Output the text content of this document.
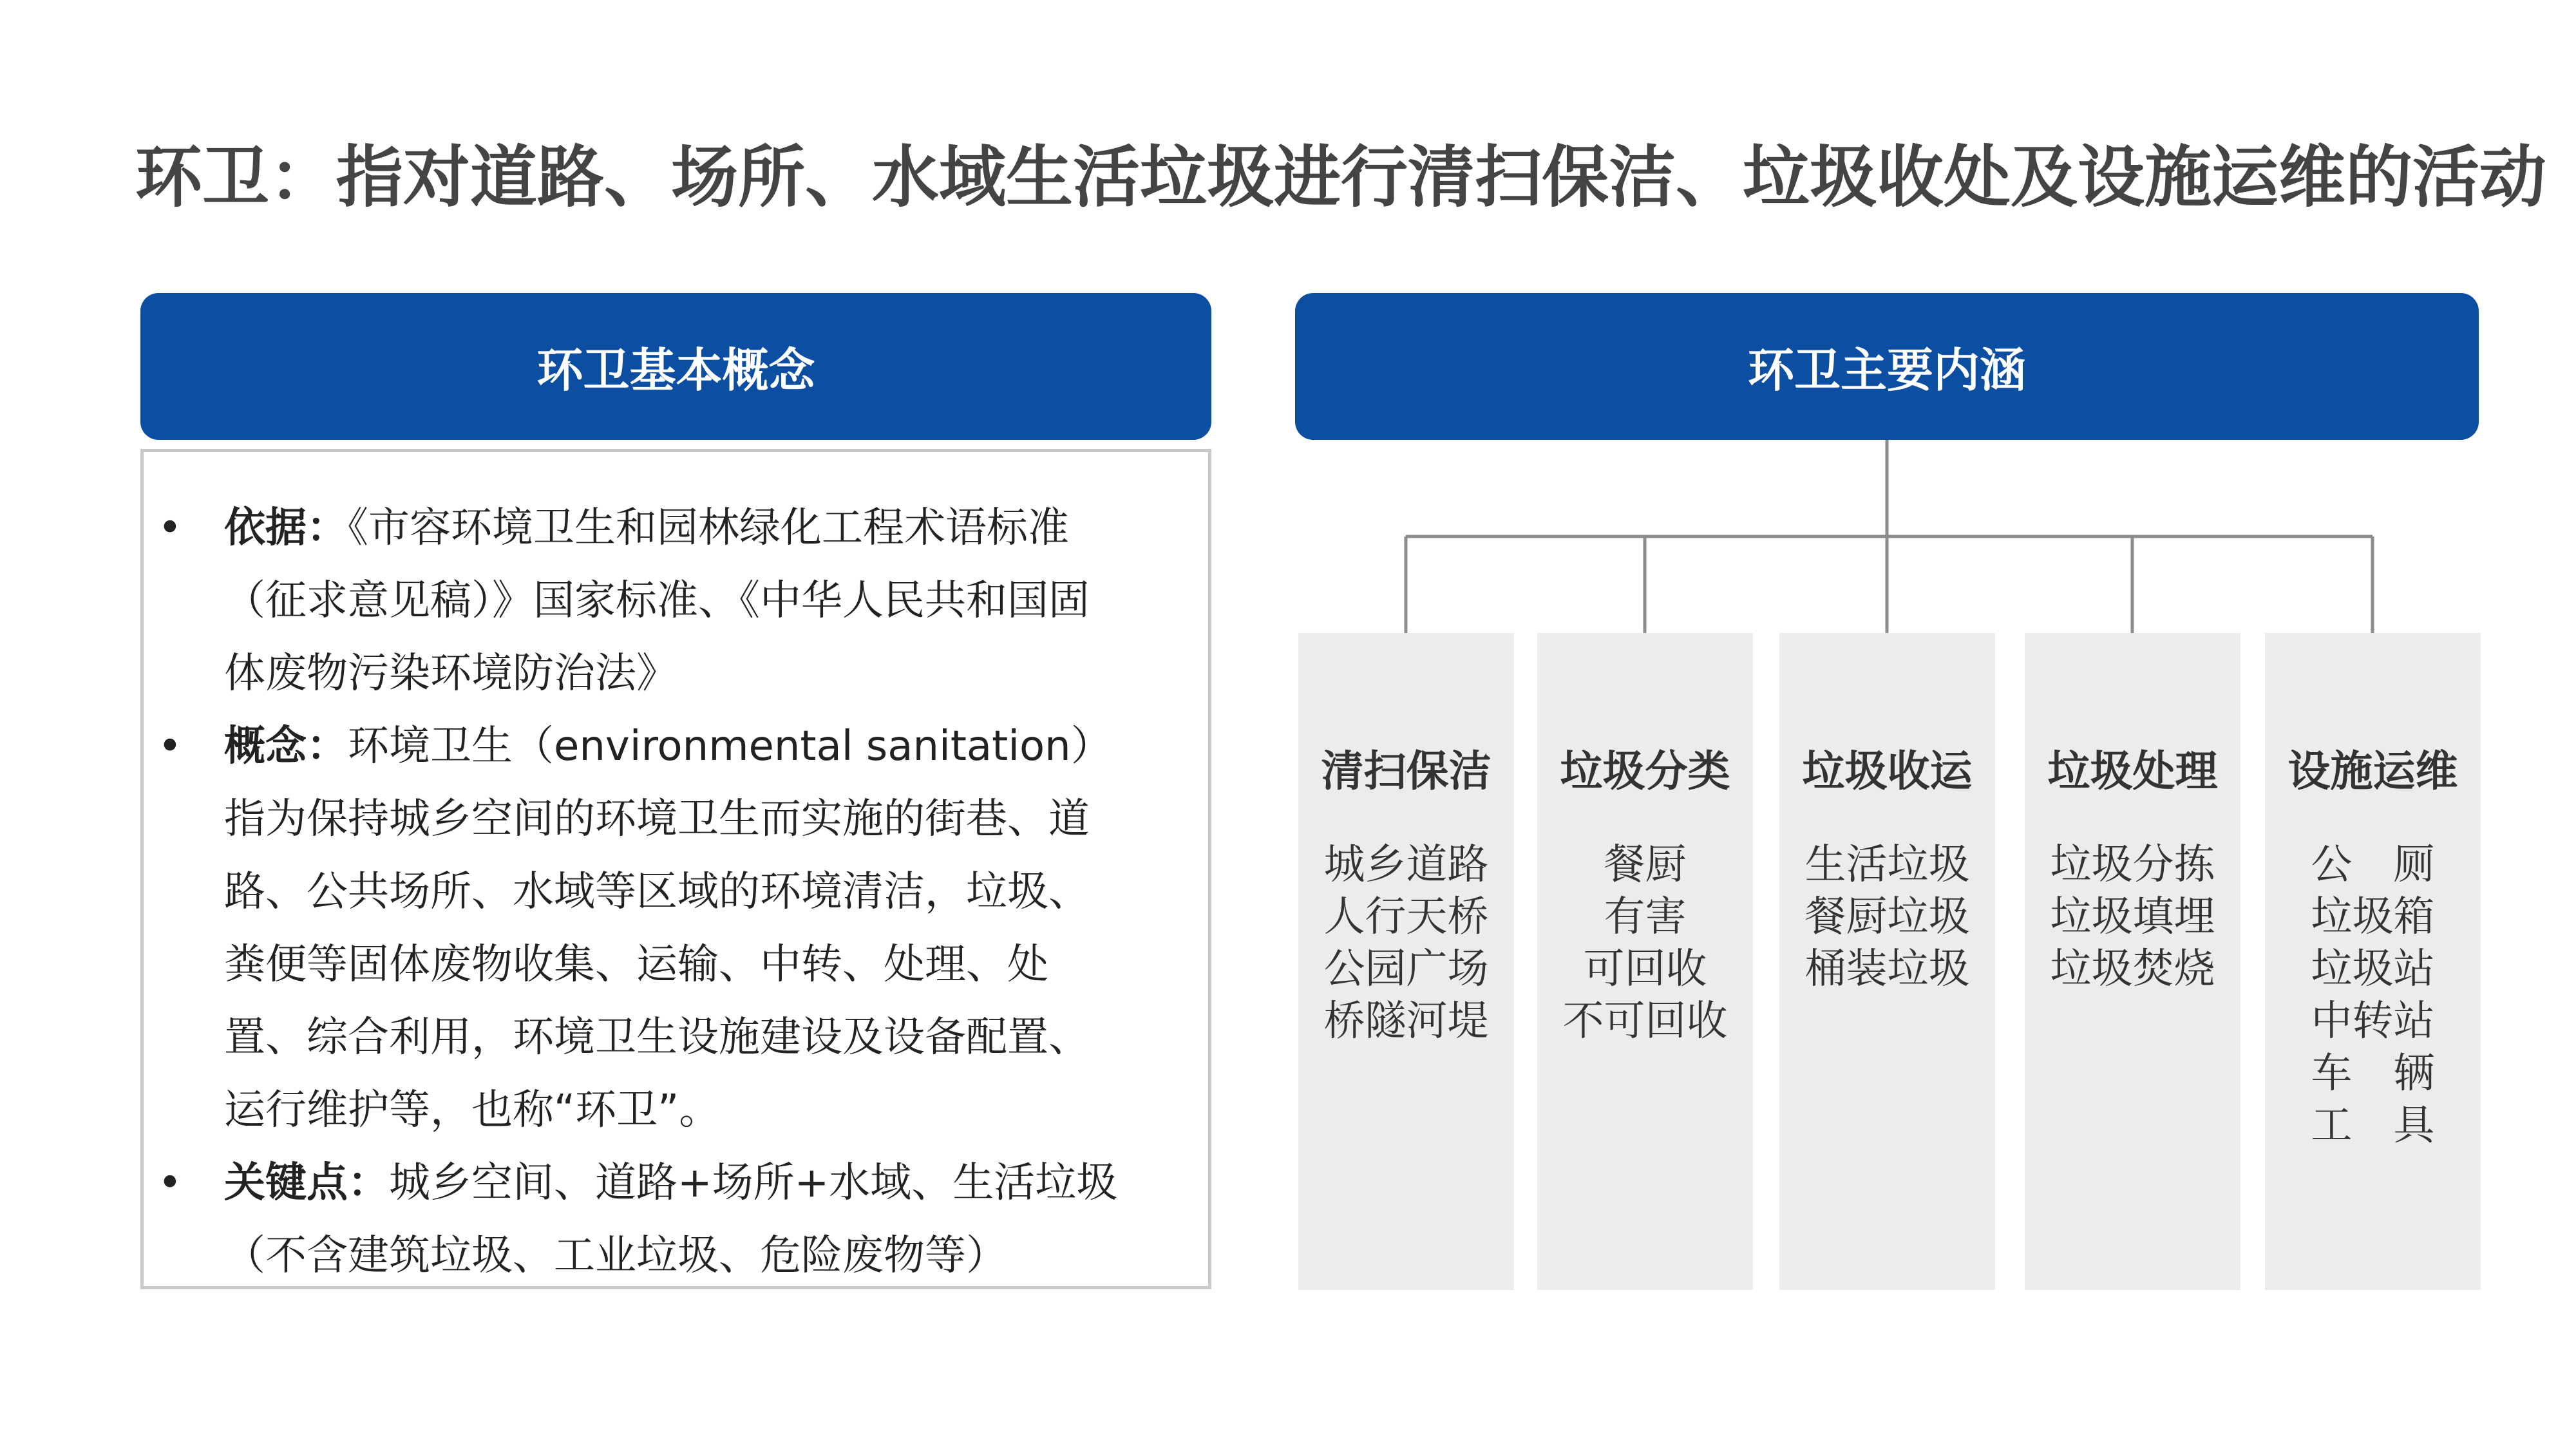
环卫：指对道路、场所、水域生活垃圾进行清扫保洁、垃圾收处及设施运维的活动
环卫基本概念
• 依据：《市容环境卫生和园林绿化工程术语标准（征求意见稿）》国家标准、《中华人民共和国固体废物污染环境防治法》
• 概念：环境卫生（environmental sanitation）指为保持城乡空间的环境卫生而实施的街巷、道路、公共场所、水域等区域的环境清洁，垃圾、粪便等固体废物收集、运输、中转、处理、处置、综合利用，环境卫生设施建设及设备配置、运行维护等，也称“环卫”。
• 关键点：城乡空间、道路+场所+水域、生活垃圾（不含建筑垃圾、工业垃圾、危险废物等）
环卫主要内涵
清扫保洁
城乡道路
人行天桥
公园广场
桥隧河堤
垃圾分类
餐厨
有害
可回收
不可回收
垃圾收运
生活垃圾
餐厨垃圾
桶装垃圾
垃圾处理
垃圾分拣
垃圾填埋
垃圾焚烧
设施运维
公　厕
垃圾箱
垃圾站
中转站
车　辆
工　具
